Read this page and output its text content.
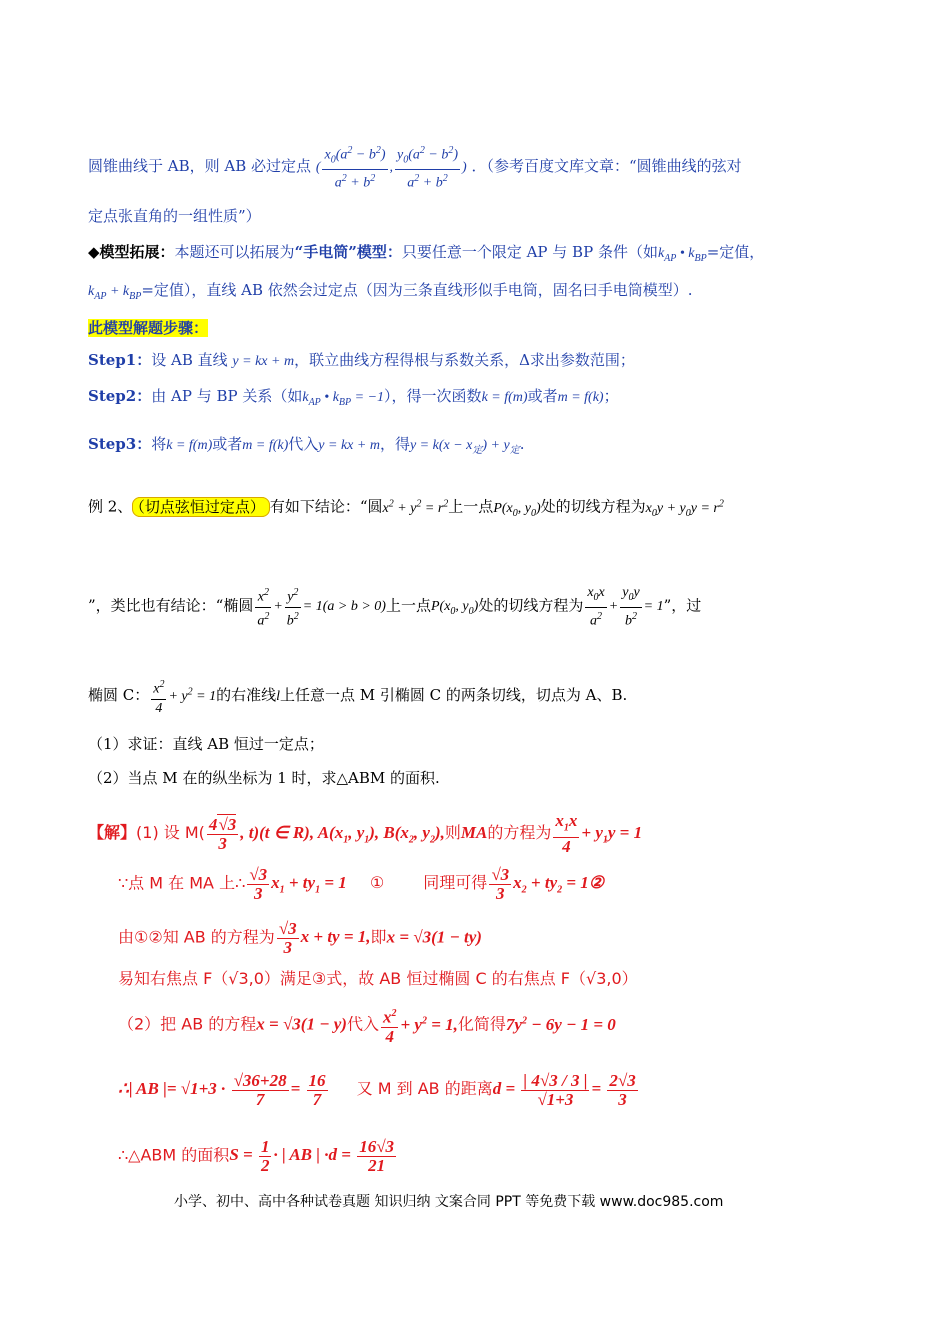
圆锥曲线于 AB，则 AB 必过定点 ( $\frac{x_0(a^2 - b^2)}{a^2 + b^2}$ , $\frac{y_0(a^2 - b^2)}{a^2 + b^2}$ ) ．（参考百度文库文章：“圆锥曲线的弦对
定点张直角的一组性质”）
◆模型拓展：本题还可以拓展为“手电筒”模型：只要任意一个限定 AP 与 BP 条件（如$k_{AP}$ • $k_{BP}=$定值，
$k_{AP} + k_{BP}=$定值），直线 AB 依然会过定点（因为三条直线形似手电筒，固名曰手电筒模型）.
此模型解题步骤：
Step1：设 AB 直线 y = kx + m，联立曲线方程得根与系数关系，Δ求出参数范围；
Step2：由 AP 与 BP 关系（如$k_{AP}$ • $k_{BP} = -1$），得一次函数k = f(m)或者m = f(k)；
Step3：将k = f(m)或者m = f(k)代入y = kx + m，得$y = k(x - x_定) + y_定$.
例 2、 （切点弦恒过定点） 有如下结论：“圆$x^2 + y^2 = r^2$上一点$P(x_0$, $y_0$)处的切线方程为$x_0y + y_0y = r^2$
”，类比也有结论：“椭圆 $\frac{x^2}{a^2} + \frac{y^2}{b^2} = 1(a > b > 0)$上一点$P(x_0$, $y_0$)处的切线方程为 $\frac{x_0x}{a^2} + \frac{y_0y}{b^2} = 1$”，过
椭圆 C： $\frac{x^2}{4} + y^2 = 1$的右准线l上任意一点 M 引椭圆 C 的两条切线，切点为 A、B.
（1）求证：直线 AB 恒过一定点；
（2）当点 M 在的纵坐标为 1 时，求△ABM 的面积.
【解】(1) 设 $M( \frac{4√3}{3}$ , t)(t ∈ R), $A(x_1$, $y_1$), $B(x_2$, $y_2$),则MA的方程为 $\frac{x_1x}{4} + y_1y = 1$
∵点 M 在 MA 上∴ $\frac{√3}{3} x_1 + ty_1 = 1$ ① 同理可得 $\frac{√3}{3} x_2 + ty_2$ = 1②
由①②知 AB 的方程为 $\frac{√3}{3}$ x + ty = 1,即x = √3(1 − ty)
易知右焦点 F（√3,0）满足③式，故 AB 恒过椭圆 C 的右焦点 F（√3,0）
（2）把 AB 的方程x = √3(1 − y)代入 $\frac{x^2}{4} + y^2 = 1$,化简得$7y^2 - 6y - 1 = 0$
∴| AB |= $√1+3 \cdot \frac{√36+28}{7} = \frac{16}{7}$ 又 M 到 AB 的距离$d = \frac{| 4√3 / 3 |}{√1+3} = \frac{2√3}{3}$
∴△ABM 的面积$S = \frac{1}{2}$ · | AB | $\cdot d = \frac{16√3}{21}$
小学、初中、高中各种试卷真题 知识归纳 文案合同 PPT 等免费下载 www.doc985.com
